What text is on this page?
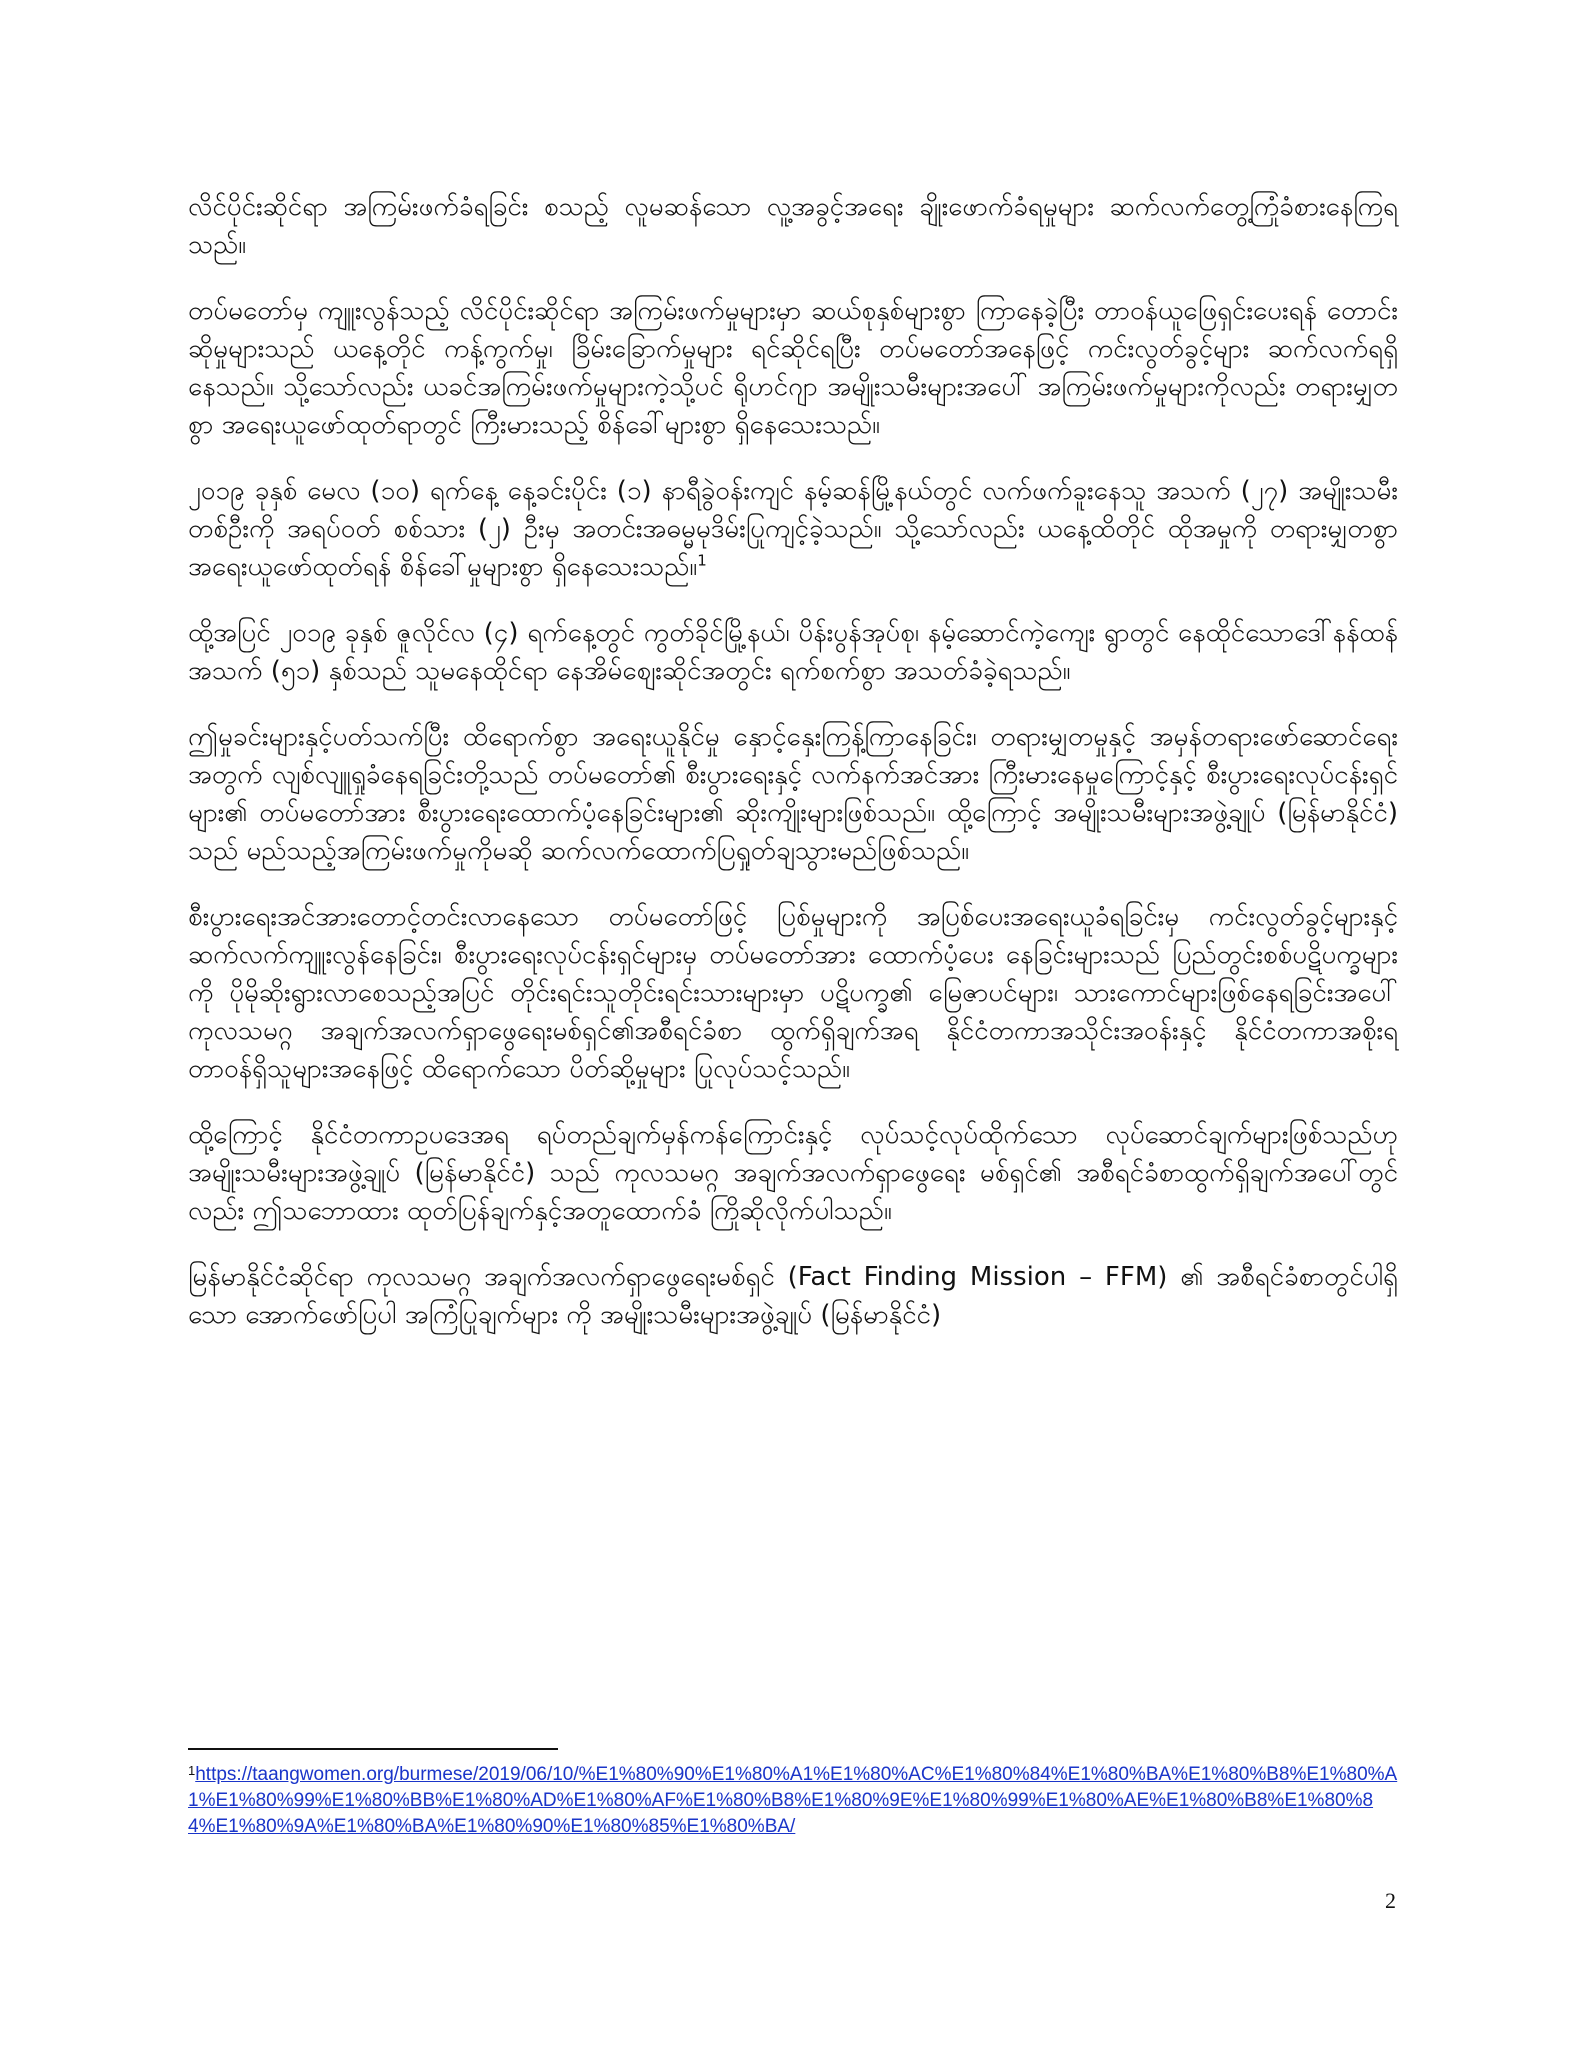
လိင်ပိုင်းဆိုင်ရာ အကြမ်းဖက်ခံရခြင်း စသည့် လူမဆန်သော လူ့အခွင့်အရေး ချိုးဖောက်ခံရမှုများ ဆက်လက်တွေ့ကြုံခံစားနေကြရသည်။

တပ်မတော်မှ ကျူးလွန်သည့် လိင်ပိုင်းဆိုင်ရာ အကြမ်းဖက်မှုများမှာ ဆယ်စုနှစ်များစွာ ကြာနေခဲ့ပြီး တာဝန်ယူဖြေရှင်းပေးရန် တောင်းဆိုမှုများသည် ယနေ့တိုင် ကန့်ကွက်မှု၊ ခြိမ်းခြောက်မှုများ ရင်ဆိုင်ရပြီး တပ်မတော်အနေဖြင့် ကင်းလွတ်ခွင့်များ ဆက်လက်ရရှိနေသည်။ သို့သော်လည်း ယခင်အကြမ်းဖက်မှုများကဲ့သို့ပင် ရိုဟင်ဂျာ အမျိုးသမီးများအပေါ် အကြမ်းဖက်မှုများကိုလည်း တရားမျှတစွာ အရေးယူဖော်ထုတ်ရာတွင် ကြီးမားသည့် စိန်ခေါ်များစွာ ရှိနေသေးသည်။

၂၀၁၉ ခုနှစ် မေလ (၁၀) ရက်နေ့ နေ့ခင်းပိုင်း (၁) နာရီခွဲဝန်းကျင် နမ့်ဆန်မြို့နယ်တွင် လက်ဖက်ခူးနေသူ အသက် (၂၇) အမျိုးသမီးတစ်ဦးကို အရပ်ဝတ် စစ်သား (၂) ဦးမှ အတင်းအဓမ္မမုဒိမ်းပြုကျင့်ခဲ့သည်။ သို့သော်လည်း ယနေ့ထိတိုင် ထိုအမှုကို တရားမျှတစွာအရေးယူဖော်ထုတ်ရန် စိန်ခေါ်မှုများစွာ ရှိနေသေးသည်။$^1$

ထို့အပြင် ၂၀၁၉ ခုနှစ် ဇူလိုင်လ (၄) ရက်နေ့တွင် ကွတ်ခိုင်မြို့နယ်၊ ပိန်းပွန်အုပ်စု၊ နမ့်ဆောင်ကဲ့ကျေး ရွာတွင် နေထိုင်သောဒေါ်နန်ထန် အသက် (၅၁) နှစ်သည် သူမနေထိုင်ရာ နေအိမ်စျေးဆိုင်အတွင်း ရက်စက်စွာ အသတ်ခံခဲ့ရသည်။

ဤမှုခင်းများနှင့်ပတ်သက်ပြီး ထိရောက်စွာ အရေးယူနိုင်မှု နှောင့်နှေးကြန့်ကြာနေခြင်း၊ တရားမျှတမှုနှင့် အမှန်တရားဖော်ဆောင်ရေးအတွက် လျစ်လျူရှုခံနေရခြင်းတို့သည် တပ်မတော်၏ စီးပွားရေးနှင့် လက်နက်အင်အား ကြီးမားနေမှုကြောင့်နှင့် စီးပွားရေးလုပ်ငန်းရှင်များ၏ တပ်မတော်အား စီးပွားရေးထောက်ပံ့နေခြင်းများ၏ ဆိုးကျိုးများဖြစ်သည်။ ထို့ကြောင့် အမျိုးသမီးများအဖွဲ့ချုပ် (မြန်မာနိုင်ငံ) သည် မည်သည့်အကြမ်းဖက်မှုကိုမဆို ဆက်လက်ထောက်ပြရှုတ်ချသွားမည်ဖြစ်သည်။

စီးပွားရေးအင်အားတောင့်တင်းလာနေသော တပ်မတော်ဖြင့် ပြစ်မှုများကို အပြစ်ပေးအရေးယူခံရခြင်းမှ ကင်းလွတ်ခွင့်များနှင့် ဆက်လက်ကျူးလွန်နေခြင်း၊ စီးပွားရေးလုပ်ငန်းရှင်များမှ တပ်မတော်အား ထောက်ပံ့ပေး နေခြင်းများသည် ပြည်တွင်းစစ်ပဋိပက္ခများကို ပိုမိုဆိုးရွားလာစေသည့်အပြင် တိုင်းရင်းသူတိုင်းရင်းသားများမှာ ပဋိပက္ခ၏ မြေဇာပင်များ၊ သားကောင်များဖြစ်နေရခြင်းအပေါ် ကုလသမဂ္ဂ အချက်အလက်ရှာဖွေရေးမစ်ရှင်၏အစီရင်ခံစာ ထွက်ရှိချက်အရ နိုင်ငံတကာအသိုင်းအဝန်းနှင့် နိုင်ငံတကာအစိုးရ တာဝန်ရှိသူများအနေဖြင့် ထိရောက်သော ပိတ်ဆို့မှုများ ပြုလုပ်သင့်သည်။

ထို့ကြောင့် နိုင်ငံတကာဥပဒေအရ ရပ်တည်ချက်မှန်ကန်ကြောင်းနှင့် လုပ်သင့်လုပ်ထိုက်သော လုပ်ဆောင်ချက်များဖြစ်သည်ဟု အမျိုးသမီးများအဖွဲ့ချုပ် (မြန်မာနိုင်ငံ) သည် ကုလသမဂ္ဂ အချက်အလက်ရှာဖွေရေး မစ်ရှင်၏ အစီရင်ခံစာထွက်ရှိချက်အပေါ်တွင်လည်း ဤသဘောထား ထုတ်ပြန်ချက်နှင့်အတူထောက်ခံ ကြိုဆိုလိုက်ပါသည်။

မြန်မာနိုင်ငံဆိုင်ရာ ကုလသမဂ္ဂ အချက်အလက်ရှာဖွေရေးမစ်ရှင် (Fact Finding Mission – FFM) ၏ အစီရင်ခံစာတွင်ပါရှိသော အောက်ဖော်ပြပါ အကြံပြုချက်များ ကို အမျိုးသမီးများအဖွဲ့ချုပ် (မြန်မာနိုင်ငံ)

$^1$https://taangwomen.org/burmese/2019/06/10/%E1%80%90%E1%80%A1%E1%80%AC%E1%80%84%E1%80%BA%E1%80%B8%E1%80%A1%E1%80%99%E1%80%BB%E1%80%AD%E1%80%AF%E1%80%B8%E1%80%9E%E1%80%99%E1%80%AE%E1%80%B8%E1%80%84%E1%80%9A%E1%80%BA%E1%80%90%E1%80%85%E1%80%BA/
2
